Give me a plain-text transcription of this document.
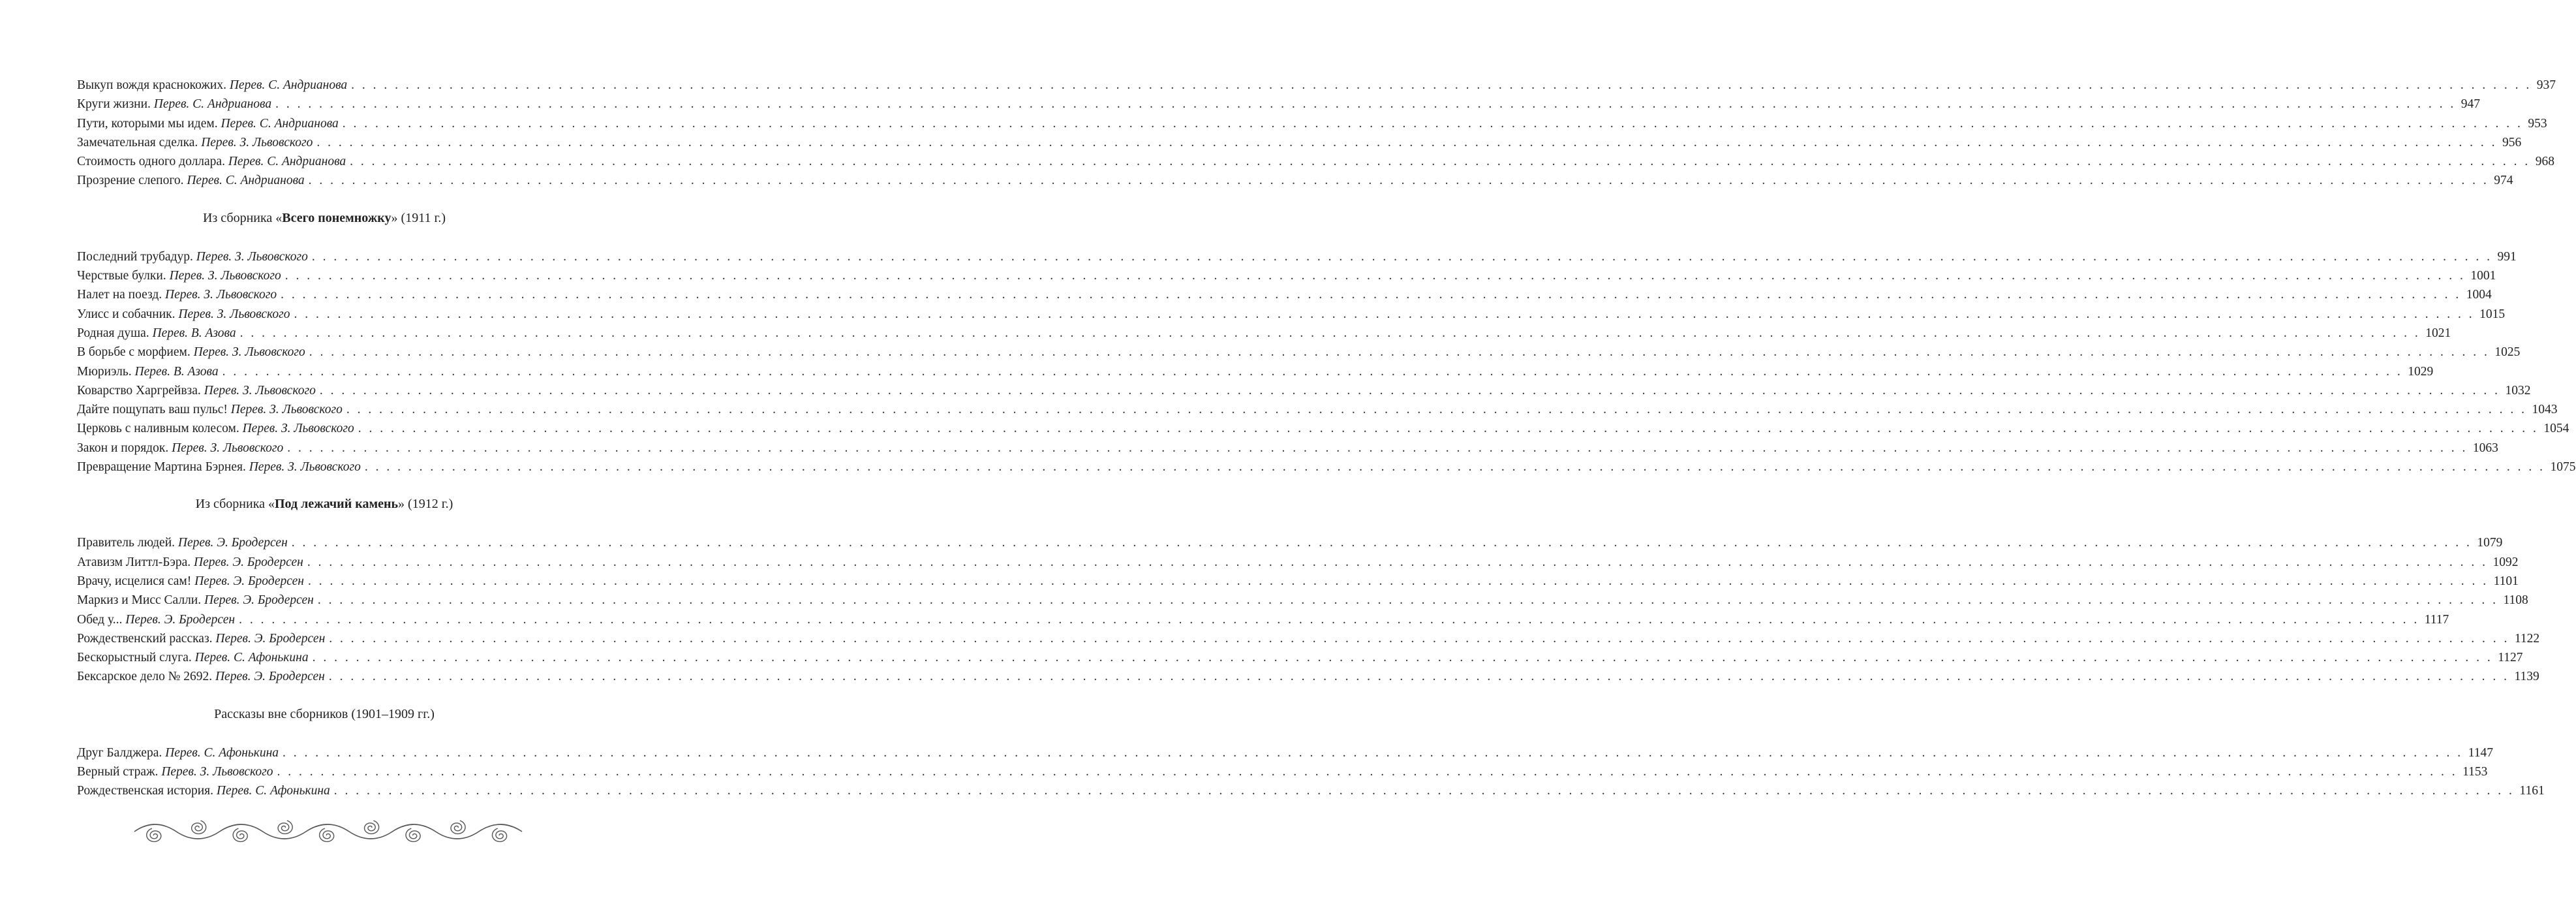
Выкуп вождя краснокожих. Перев. С. Андрианова . . . . . . . . . . . . . . . . . . . . . . . . . . . . . . . . . . . . . . . . . . . . . . . . . . . . . . . . . . . . . . . . . . . . . . . . . . . . . . . . . . . . . . . . . . . . . . . . . . . . . . . . . . . . . . . . . . . . . . . . . . . . . . . . . . . . . . . . . . . . . . . . . . . . . . . . . . . . . . . . . . . . . . . . . . . . . . . . . . . . . . . . . . . . . . . . . . . . . . . . 937
Круги жизни. Перев. С. Андрианова . . . . . . . . . . . . . . . . . . . . . . . . . . . . . . . . . . . . . . . . . . . . . . . . . . . . . . . . . . . . . . . . . . . . . . . . . . . . . . . . . . . . . . . . . . . . . . . . . . . . . . . . . . . . . . . . . . . . . . . . . . . . . . . . . . . . . . . . . . . . . . . . . . . . . . . . . . . . . . . . . . . . . . . . . . . . . . . . . . . . . . . . . . . . . . . . . . . . . . . . 947
Пути, которыми мы идем. Перев. С. Андрианова . . . . . . . . . . . . . . . . . . . . . . . . . . . . . . . . . . . . . . . . . . . . . . . . . . . . . . . . . . . . . . . . . . . . . . . . . . . . . . . . . . . . . . . . . . . . . . . . . . . . . . . . . . . . . . . . . . . . . . . . . . . . . . . . . . . . . . . . . . . . . . . . . . . . . . . . . . . . . . . . . . . . . . . . . . . . . . . . . . . . . . . . . . . . . . . . . . . . . . . . 953
Замечательная сделка. Перев. З. Львовского . . . . . . . . . . . . . . . . . . . . . . . . . . . . . . . . . . . . . . . . . . . . . . . . . . . . . . . . . . . . . . . . . . . . . . . . . . . . . . . . . . . . . . . . . . . . . . . . . . . . . . . . . . . . . . . . . . . . . . . . . . . . . . . . . . . . . . . . . . . . . . . . . . . . . . . . . . . . . . . . . . . . . . . . . . . . . . . . . . . . . . . . . . . . . . . . . . . . . . . . 956
Стоимость одного доллара. Перев. С. Андрианова . . . . . . . . . . . . . . . . . . . . . . . . . . . . . . . . . . . . . . . . . . . . . . . . . . . . . . . . . . . . . . . . . . . . . . . . . . . . . . . . . . . . . . . . . . . . . . . . . . . . . . . . . . . . . . . . . . . . . . . . . . . . . . . . . . . . . . . . . . . . . . . . . . . . . . . . . . . . . . . . . . . . . . . . . . . . . . . . . . . . . . . . . . . . . . . . . . . . . . . . 968
Прозрение слепого. Перев. С. Андрианова . . . . . . . . . . . . . . . . . . . . . . . . . . . . . . . . . . . . . . . . . . . . . . . . . . . . . . . . . . . . . . . . . . . . . . . . . . . . . . . . . . . . . . . . . . . . . . . . . . . . . . . . . . . . . . . . . . . . . . . . . . . . . . . . . . . . . . . . . . . . . . . . . . . . . . . . . . . . . . . . . . . . . . . . . . . . . . . . . . . . . . . . . . . . . . . . . . . . . . . . 974
Из сборника «Всего понемножку» (1911 г.)
Последний трубадур. Перев. З. Львовского . . . . . . . . . . . . . . . . . . . . . . . . . . . . . . . . . . . . . . . . . . . . . . . . . . . . . . . . . . . . . . . . . . . . . . . . . . . . . . . . . . . . . . . . . . . . . . . . . . . . . . . . . . . . . . . . . . . . . . . . . . . . . . . . . . . . . . . . . . . . . . . . . . . . . . . . . . . . . . . . . . . . . . . . . . . . . . . . . . . . . . . . . . . . . . . . . . . . . . . . 991
Черствые булки. Перев. З. Львовского . . . . . . . . . . . . . . . . . . . . . . . . . . . . . . . . . . . . . . . . . . . . . . . . . . . . . . . . . . . . . . . . . . . . . . . . . . . . . . . . . . . . . . . . . . . . . . . . . . . . . . . . . . . . . . . . . . . . . . . . . . . . . . . . . . . . . . . . . . . . . . . . . . . . . . . . . . . . . . . . . . . . . . . . . . . . . . . . . . . . . . . . . . . . . . . . . . . . . . . . 1001
Налет на поезд. Перев. З. Львовского . . . . . . . . . . . . . . . . . . . . . . . . . . . . . . . . . . . . . . . . . . . . . . . . . . . . . . . . . . . . . . . . . . . . . . . . . . . . . . . . . . . . . . . . . . . . . . . . . . . . . . . . . . . . . . . . . . . . . . . . . . . . . . . . . . . . . . . . . . . . . . . . . . . . . . . . . . . . . . . . . . . . . . . . . . . . . . . . . . . . . . . . . . . . . . . . . . . . . . . . 1004
Улисс и собачник. Перев. З. Львовского . . . . . . . . . . . . . . . . . . . . . . . . . . . . . . . . . . . . . . . . . . . . . . . . . . . . . . . . . . . . . . . . . . . . . . . . . . . . . . . . . . . . . . . . . . . . . . . . . . . . . . . . . . . . . . . . . . . . . . . . . . . . . . . . . . . . . . . . . . . . . . . . . . . . . . . . . . . . . . . . . . . . . . . . . . . . . . . . . . . . . . . . . . . . . . . . . . . . . . . . 1015
Родная душа. Перев. В. Азова . . . . . . . . . . . . . . . . . . . . . . . . . . . . . . . . . . . . . . . . . . . . . . . . . . . . . . . . . . . . . . . . . . . . . . . . . . . . . . . . . . . . . . . . . . . . . . . . . . . . . . . . . . . . . . . . . . . . . . . . . . . . . . . . . . . . . . . . . . . . . . . . . . . . . . . . . . . . . . . . . . . . . . . . . . . . . . . . . . . . . . . . . . . . . . . . . . . . . . . . 1021
В борьбе с морфием. Перев. З. Львовского . . . . . . . . . . . . . . . . . . . . . . . . . . . . . . . . . . . . . . . . . . . . . . . . . . . . . . . . . . . . . . . . . . . . . . . . . . . . . . . . . . . . . . . . . . . . . . . . . . . . . . . . . . . . . . . . . . . . . . . . . . . . . . . . . . . . . . . . . . . . . . . . . . . . . . . . . . . . . . . . . . . . . . . . . . . . . . . . . . . . . . . . . . . . . . . . . . . . . . . . 1025
Мюриэль. Перев. В. Азова . . . . . . . . . . . . . . . . . . . . . . . . . . . . . . . . . . . . . . . . . . . . . . . . . . . . . . . . . . . . . . . . . . . . . . . . . . . . . . . . . . . . . . . . . . . . . . . . . . . . . . . . . . . . . . . . . . . . . . . . . . . . . . . . . . . . . . . . . . . . . . . . . . . . . . . . . . . . . . . . . . . . . . . . . . . . . . . . . . . . . . . . . . . . . . . . . . . . . . . . 1029
Коварство Харгрейвза. Перев. З. Львовского . . . . . . . . . . . . . . . . . . . . . . . . . . . . . . . . . . . . . . . . . . . . . . . . . . . . . . . . . . . . . . . . . . . . . . . . . . . . . . . . . . . . . . . . . . . . . . . . . . . . . . . . . . . . . . . . . . . . . . . . . . . . . . . . . . . . . . . . . . . . . . . . . . . . . . . . . . . . . . . . . . . . . . . . . . . . . . . . . . . . . . . . . . . . . . . . . . . . . . . . 1032
Дайте пощупать ваш пульс! Перев. З. Львовского . . . . . . . . . . . . . . . . . . . . . . . . . . . . . . . . . . . . . . . . . . . . . . . . . . . . . . . . . . . . . . . . . . . . . . . . . . . . . . . . . . . . . . . . . . . . . . . . . . . . . . . . . . . . . . . . . . . . . . . . . . . . . . . . . . . . . . . . . . . . . . . . . . . . . . . . . . . . . . . . . . . . . . . . . . . . . . . . . . . . . . . . . . . . . . . . . . . . . . . . 1043
Церковь с наливным колесом. Перев. З. Львовского . . . . . . . . . . . . . . . . . . . . . . . . . . . . . . . . . . . . . . . . . . . . . . . . . . . . . . . . . . . . . . . . . . . . . . . . . . . . . . . . . . . . . . . . . . . . . . . . . . . . . . . . . . . . . . . . . . . . . . . . . . . . . . . . . . . . . . . . . . . . . . . . . . . . . . . . . . . . . . . . . . . . . . . . . . . . . . . . . . . . . . . . . . . . . . . . . . . . . . . . 1054
Закон и порядок. Перев. З. Львовского . . . . . . . . . . . . . . . . . . . . . . . . . . . . . . . . . . . . . . . . . . . . . . . . . . . . . . . . . . . . . . . . . . . . . . . . . . . . . . . . . . . . . . . . . . . . . . . . . . . . . . . . . . . . . . . . . . . . . . . . . . . . . . . . . . . . . . . . . . . . . . . . . . . . . . . . . . . . . . . . . . . . . . . . . . . . . . . . . . . . . . . . . . . . . . . . . . . . . . . . 1063
Превращение Мартина Бэрнея. Перев. З. Львовского . . . . . . . . . . . . . . . . . . . . . . . . . . . . . . . . . . . . . . . . . . . . . . . . . . . . . . . . . . . . . . . . . . . . . . . . . . . . . . . . . . . . . . . . . . . . . . . . . . . . . . . . . . . . . . . . . . . . . . . . . . . . . . . . . . . . . . . . . . . . . . . . . . . . . . . . . . . . . . . . . . . . . . . . . . . . . . . . . . . . . . . . . . . . . . . . . . . . . . . . 1075
Из сборника «Под лежачий камень» (1912 г.)
Правитель людей. Перев. Э. Бродерсен . . . . . . . . . . . . . . . . . . . . . . . . . . . . . . . . . . . . . . . . . . . . . . . . . . . . . . . . . . . . . . . . . . . . . . . . . . . . . . . . . . . . . . . . . . . . . . . . . . . . . . . . . . . . . . . . . . . . . . . . . . . . . . . . . . . . . . . . . . . . . . . . . . . . . . . . . . . . . . . . . . . . . . . . . . . . . . . . . . . . . . . . . . . . . . . . . . . . . . . . 1079
Атавизм Литтл-Бэра. Перев. Э. Бродерсен . . . . . . . . . . . . . . . . . . . . . . . . . . . . . . . . . . . . . . . . . . . . . . . . . . . . . . . . . . . . . . . . . . . . . . . . . . . . . . . . . . . . . . . . . . . . . . . . . . . . . . . . . . . . . . . . . . . . . . . . . . . . . . . . . . . . . . . . . . . . . . . . . . . . . . . . . . . . . . . . . . . . . . . . . . . . . . . . . . . . . . . . . . . . . . . . . . . . . . . . 1092
Врачу, исцелися сам! Перев. Э. Бродерсен . . . . . . . . . . . . . . . . . . . . . . . . . . . . . . . . . . . . . . . . . . . . . . . . . . . . . . . . . . . . . . . . . . . . . . . . . . . . . . . . . . . . . . . . . . . . . . . . . . . . . . . . . . . . . . . . . . . . . . . . . . . . . . . . . . . . . . . . . . . . . . . . . . . . . . . . . . . . . . . . . . . . . . . . . . . . . . . . . . . . . . . . . . . . . . . . . . . . . . . . 1101
Маркиз и Мисс Салли. Перев. Э. Бродерсен . . . . . . . . . . . . . . . . . . . . . . . . . . . . . . . . . . . . . . . . . . . . . . . . . . . . . . . . . . . . . . . . . . . . . . . . . . . . . . . . . . . . . . . . . . . . . . . . . . . . . . . . . . . . . . . . . . . . . . . . . . . . . . . . . . . . . . . . . . . . . . . . . . . . . . . . . . . . . . . . . . . . . . . . . . . . . . . . . . . . . . . . . . . . . . . . . . . . . . . . 1108
Обед у... Перев. Э. Бродерсен . . . . . . . . . . . . . . . . . . . . . . . . . . . . . . . . . . . . . . . . . . . . . . . . . . . . . . . . . . . . . . . . . . . . . . . . . . . . . . . . . . . . . . . . . . . . . . . . . . . . . . . . . . . . . . . . . . . . . . . . . . . . . . . . . . . . . . . . . . . . . . . . . . . . . . . . . . . . . . . . . . . . . . . . . . . . . . . . . . . . . . . . . . . . . . . . . . . . . . . . 1117
Рождественский рассказ. Перев. Э. Бродерсен . . . . . . . . . . . . . . . . . . . . . . . . . . . . . . . . . . . . . . . . . . . . . . . . . . . . . . . . . . . . . . . . . . . . . . . . . . . . . . . . . . . . . . . . . . . . . . . . . . . . . . . . . . . . . . . . . . . . . . . . . . . . . . . . . . . . . . . . . . . . . . . . . . . . . . . . . . . . . . . . . . . . . . . . . . . . . . . . . . . . . . . . . . . . . . . . . . . . . . . . 1122
Бескорыстный слуга. Перев. С. Афонькина . . . . . . . . . . . . . . . . . . . . . . . . . . . . . . . . . . . . . . . . . . . . . . . . . . . . . . . . . . . . . . . . . . . . . . . . . . . . . . . . . . . . . . . . . . . . . . . . . . . . . . . . . . . . . . . . . . . . . . . . . . . . . . . . . . . . . . . . . . . . . . . . . . . . . . . . . . . . . . . . . . . . . . . . . . . . . . . . . . . . . . . . . . . . . . . . . . . . . . . . 1127
Бексарское дело № 2692. Перев. Э. Бродерсен . . . . . . . . . . . . . . . . . . . . . . . . . . . . . . . . . . . . . . . . . . . . . . . . . . . . . . . . . . . . . . . . . . . . . . . . . . . . . . . . . . . . . . . . . . . . . . . . . . . . . . . . . . . . . . . . . . . . . . . . . . . . . . . . . . . . . . . . . . . . . . . . . . . . . . . . . . . . . . . . . . . . . . . . . . . . . . . . . . . . . . . . . . . . . . . . . . . . . . . . 1139
Рассказы вне сборников (1901–1909 гг.)
Друг Балджера. Перев. С. Афонькина . . . . . . . . . . . . . . . . . . . . . . . . . . . . . . . . . . . . . . . . . . . . . . . . . . . . . . . . . . . . . . . . . . . . . . . . . . . . . . . . . . . . . . . . . . . . . . . . . . . . . . . . . . . . . . . . . . . . . . . . . . . . . . . . . . . . . . . . . . . . . . . . . . . . . . . . . . . . . . . . . . . . . . . . . . . . . . . . . . . . . . . . . . . . . . . . . . . . . . . . 1147
Верный страж. Перев. З. Львовского . . . . . . . . . . . . . . . . . . . . . . . . . . . . . . . . . . . . . . . . . . . . . . . . . . . . . . . . . . . . . . . . . . . . . . . . . . . . . . . . . . . . . . . . . . . . . . . . . . . . . . . . . . . . . . . . . . . . . . . . . . . . . . . . . . . . . . . . . . . . . . . . . . . . . . . . . . . . . . . . . . . . . . . . . . . . . . . . . . . . . . . . . . . . . . . . . . . . . . . . 1153
Рождественская история. Перев. С. Афонькина . . . . . . . . . . . . . . . . . . . . . . . . . . . . . . . . . . . . . . . . . . . . . . . . . . . . . . . . . . . . . . . . . . . . . . . . . . . . . . . . . . . . . . . . . . . . . . . . . . . . . . . . . . . . . . . . . . . . . . . . . . . . . . . . . . . . . . . . . . . . . . . . . . . . . . . . . . . . . . . . . . . . . . . . . . . . . . . . . . . . . . . . . . . . . . . . . . . . . . . . 1161
